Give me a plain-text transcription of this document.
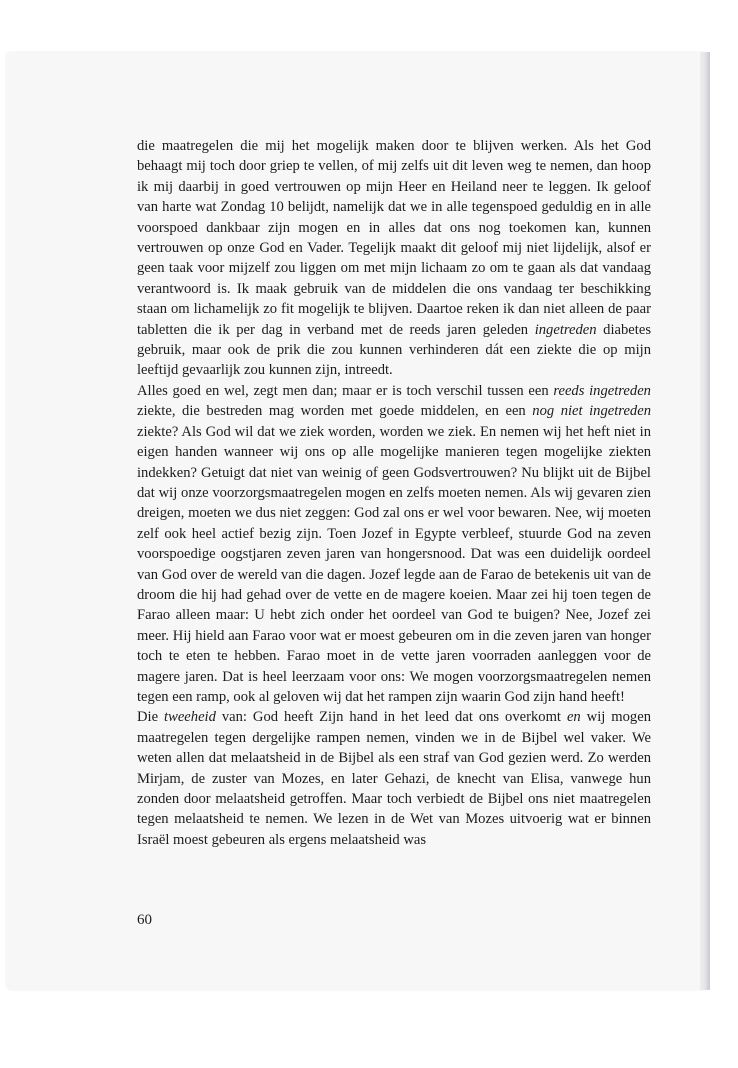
die maatregelen die mij het mogelijk maken door te blijven werken. Als het God behaagt mij toch door griep te vellen, of mij zelfs uit dit leven weg te nemen, dan hoop ik mij daarbij in goed vertrouwen op mijn Heer en Heiland neer te leggen. Ik geloof van harte wat Zondag 10 belijdt, namelijk dat we in alle tegenspoed geduldig en in alle voorspoed dankbaar zijn mogen en in alles dat ons nog toekomen kan, kunnen vertrouwen op onze God en Vader. Tegelijk maakt dit geloof mij niet lijdelijk, alsof er geen taak voor mijzelf zou liggen om met mijn lichaam zo om te gaan als dat vandaag verantwoord is. Ik maak gebruik van de middelen die ons vandaag ter beschikking staan om lichamelijk zo fit mogelijk te blijven. Daartoe reken ik dan niet alleen de paar tabletten die ik per dag in verband met de reeds jaren geleden ingetreden diabetes gebruik, maar ook de prik die zou kunnen verhinderen dát een ziekte die op mijn leeftijd gevaarlijk zou kunnen zijn, intreedt.

Alles goed en wel, zegt men dan; maar er is toch verschil tussen een reeds ingetreden ziekte, die bestreden mag worden met goede middelen, en een nog niet ingetreden ziekte? Als God wil dat we ziek worden, worden we ziek. En nemen wij het heft niet in eigen handen wanneer wij ons op alle mogelijke manieren tegen mogelijke ziekten indekken? Getuigt dat niet van weinig of geen Godsvertrouwen? Nu blijkt uit de Bijbel dat wij onze voorzorgsmaatregelen mogen en zelfs moeten nemen. Als wij gevaren zien dreigen, moeten we dus niet zeggen: God zal ons er wel voor bewaren. Nee, wij moeten zelf ook heel actief bezig zijn. Toen Jozef in Egypte verbleef, stuurde God na zeven voorspoedige oogstjaren zeven jaren van hongersnood. Dat was een duidelijk oordeel van God over de wereld van die dagen. Jozef legde aan de Farao de betekenis uit van de droom die hij had gehad over de vette en de magere koeien. Maar zei hij toen tegen de Farao alleen maar: U hebt zich onder het oordeel van God te buigen? Nee, Jozef zei meer. Hij hield aan Farao voor wat er moest gebeuren om in die zeven jaren van honger toch te eten te hebben. Farao moet in de vette jaren voorraden aanleggen voor de magere jaren. Dat is heel leerzaam voor ons: We mogen voorzorgsmaatregelen nemen tegen een ramp, ook al geloven wij dat het rampen zijn waarin God zijn hand heeft!

Die tweeheid van: God heeft Zijn hand in het leed dat ons overkomt en wij mogen maatregelen tegen dergelijke rampen nemen, vinden we in de Bijbel wel vaker. We weten allen dat melaatsheid in de Bijbel als een straf van God gezien werd. Zo werden Mirjam, de zuster van Mozes, en later Gehazi, de knecht van Elisa, vanwege hun zonden door melaatsheid getroffen. Maar toch verbiedt de Bijbel ons niet maatregelen tegen melaatsheid te nemen. We lezen in de Wet van Mozes uitvoerig wat er binnen Israël moest gebeuren als ergens melaatsheid was

60
